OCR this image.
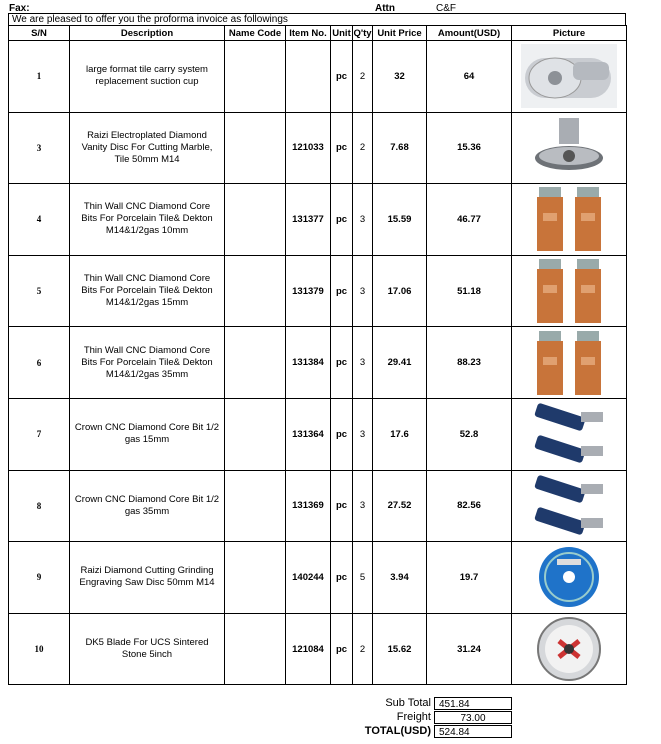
Fax:	Attn	C&F
We are pleased to offer you the proforma invoice as followings
S/N	Description	Name Code	Item No.	Unit	Q'ty	Unit Price	Amount(USD)	Picture
1	large format tile carry system
replacement suction cup			pc	2	32	64	

3	Raizi Electroplated Diamond
Vanity Disc For Cutting Marble,
Tile 50mm M14		121033	pc	2	7.68	15.36	

4	Thin Wall CNC Diamond Core
Bits For Porcelain Tile& Dekton
M14&1/2gas 10mm		131377	pc	3	15.59	46.77	

5	Thin Wall CNC Diamond Core
Bits For Porcelain Tile& Dekton
M14&1/2gas 15mm		131379	pc	3	17.06	51.18	

6	Thin Wall CNC Diamond Core
Bits For Porcelain Tile& Dekton
M14&1/2gas 35mm		131384	pc	3	29.41	88.23	

7	Crown CNC Diamond Core Bit 1/2
gas 15mm		131364	pc	3	17.6	52.8	

8	Crown CNC Diamond Core Bit 1/2
gas 35mm		131369	pc	3	27.52	82.56	

9	Raizi Diamond Cutting Grinding
Engraving Saw Disc 50mm M14		140244	pc	5	3.94	19.7	

10	DK5 Blade For UCS Sintered
Stone 5inch		121084	pc	2	15.62	31.24	
Sub Total 451.84
Freight	73.00
TOTAL(USD) 524.84
